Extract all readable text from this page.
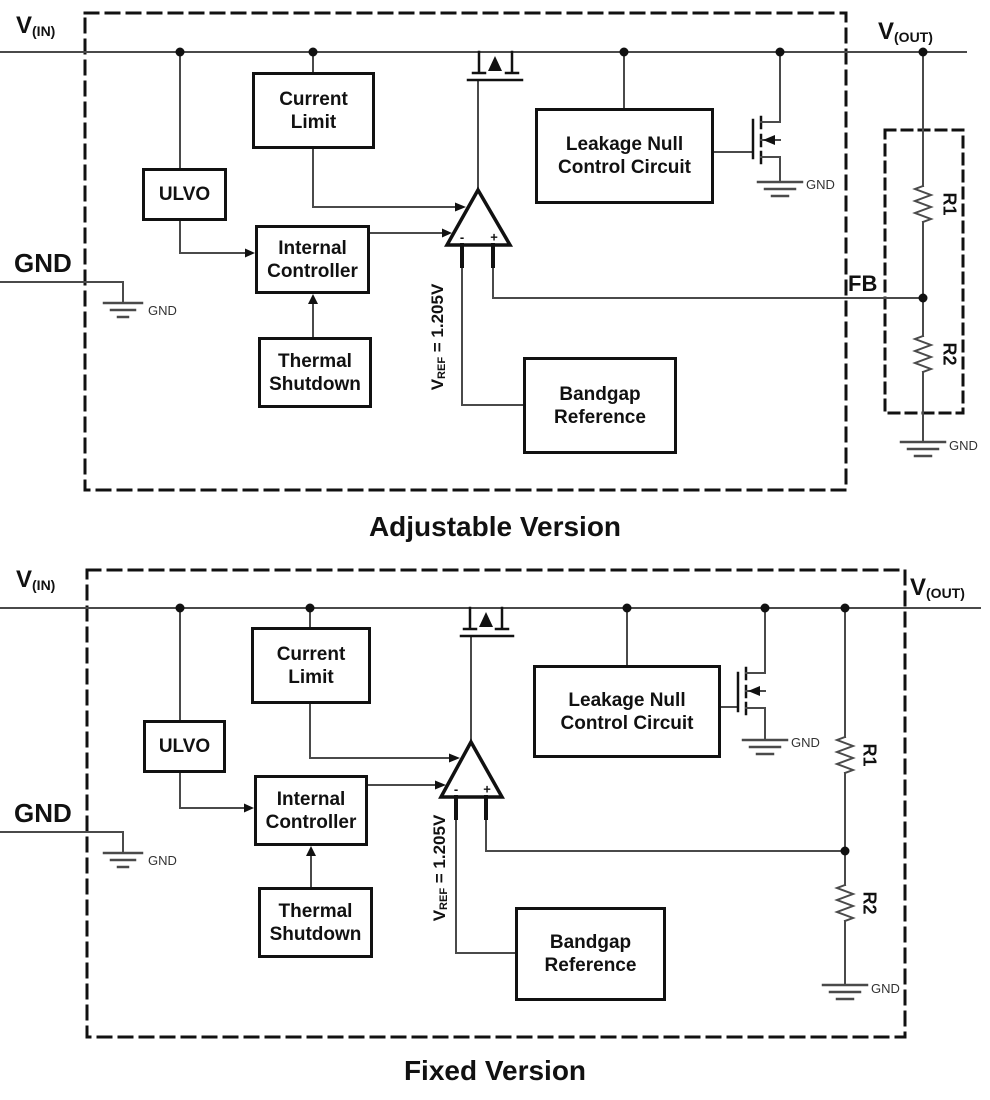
Current
Limit
ULVO
Internal
Controller
Thermal
Shutdown
Leakage Null
Control Circuit
Bandgap
Reference
$V_{(IN)}$
GND
$V_{(OUT)}$
FB
- +
$V_{REF} = 1.205V$
R1
R2
GND
GND
GND
Adjustable Version
Current
Limit
ULVO
Internal
Controller
Thermal
Shutdown
Leakage Null
Control Circuit
Bandgap
Reference
$V_{(IN)}$
GND
$V_{(OUT)}$
- +
$V_{REF} = 1.205V$
R1
R2
GND
GND
GND
Fixed Version
